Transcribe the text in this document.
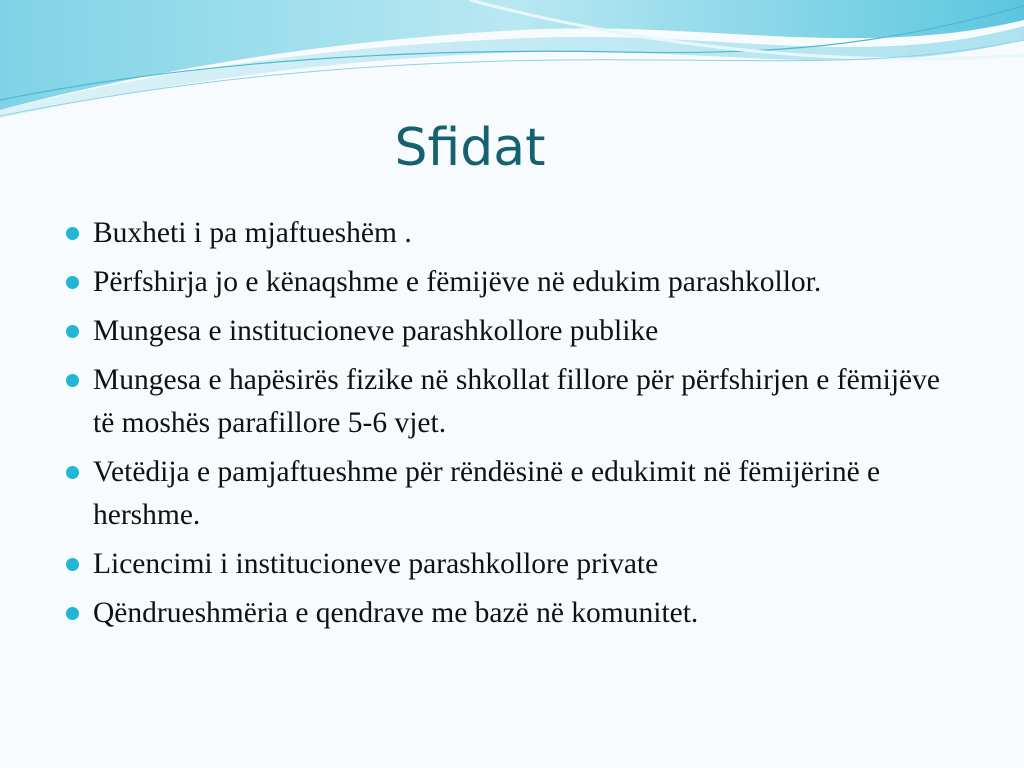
Sfidat
Buxheti i pa mjaftueshëm .
Përfshirja jo e kënaqshme e fëmijëve në edukim parashkollor.
Mungesa e institucioneve parashkollore publike
Mungesa e hapësirës fizike në shkollat fillore për përfshirjen e fëmijëve të moshës parafillore 5-6 vjet.
Vetëdija e pamjaftueshme për rëndësinë e edukimit në fëmijërinë e hershme.
Licencimi i institucioneve parashkollore private
Qëndrueshmëria e qendrave me bazë në komunitet.
